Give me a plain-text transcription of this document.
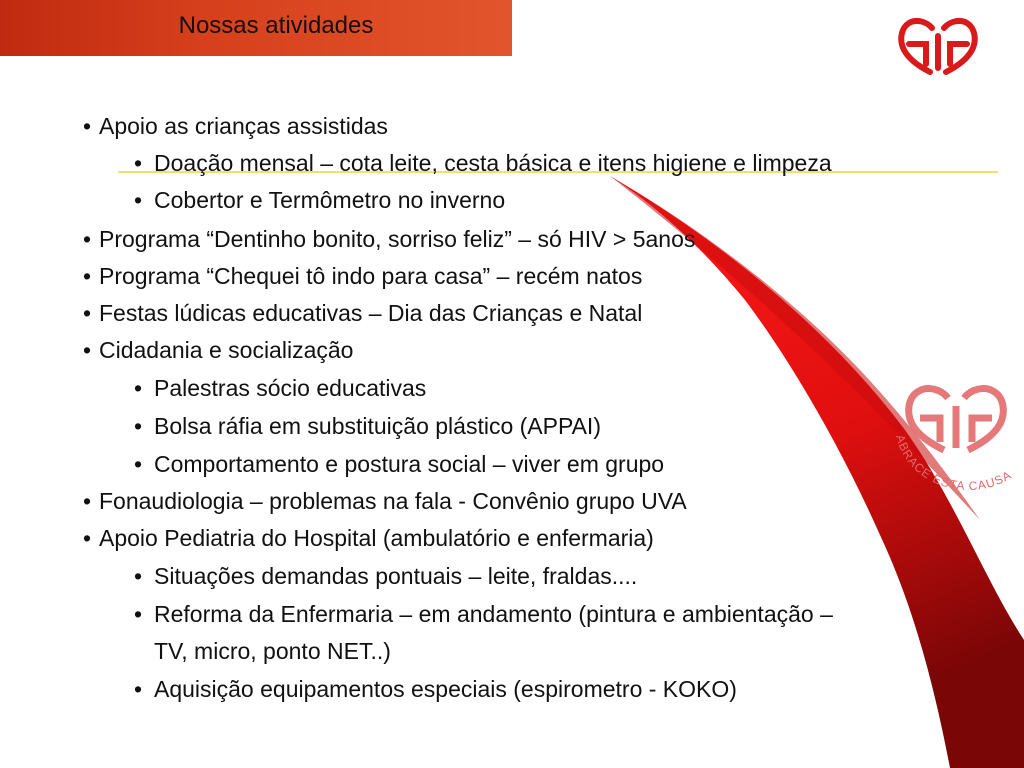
Nossas atividades
ABRACE ESTA CAUSA
• Apoio as crianças assistidas
• Doação mensal – cota leite, cesta básica e itens higiene e limpeza
• Cobertor e Termômetro no inverno
• Programa “Dentinho bonito, sorriso feliz” – só HIV > 5anos
• Programa “Chequei tô indo para casa” – recém natos
• Festas lúdicas educativas – Dia das Crianças e Natal
• Cidadania e socialização
• Palestras sócio educativas
• Bolsa ráfia em substituição plástico (APPAI)
• Comportamento e postura social – viver em grupo
• Fonaudiologia – problemas na fala - Convênio grupo UVA
• Apoio Pediatria do Hospital (ambulatório e enfermaria)
• Situações demandas pontuais – leite, fraldas....
• Reforma da Enfermaria – em andamento (pintura e ambientação –
TV, micro, ponto NET..)
• Aquisição equipamentos especiais (espirometro - KOKO)
